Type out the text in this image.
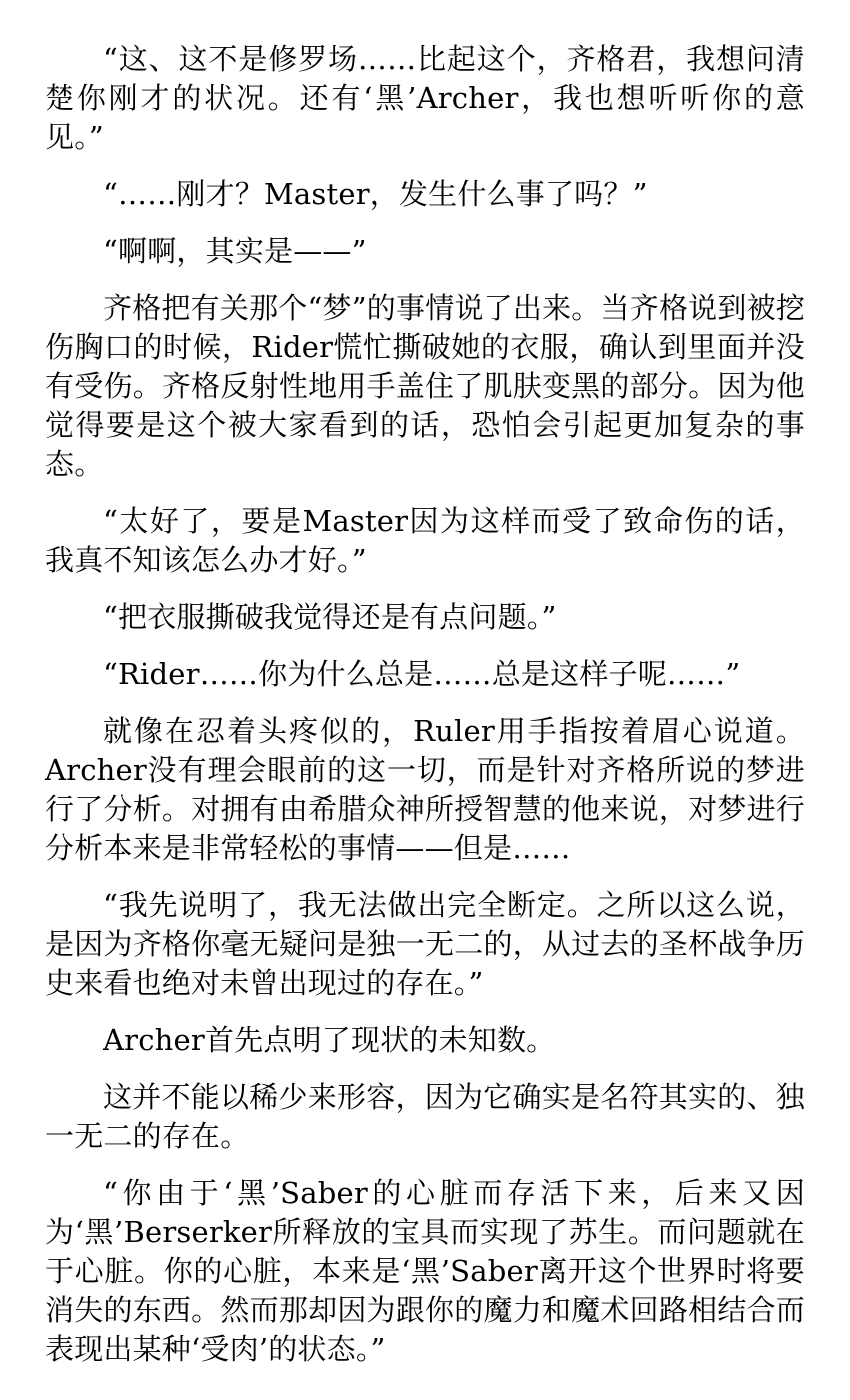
“这、这不是修罗场……比起这个，齐格君，我想问清楚你刚才的状况。还有‘黑’Archer，我也想听听你的意见。”

“……刚才？Master，发生什么事了吗？”

“啊啊，其实是——”

齐格把有关那个“梦”的事情说了出来。当齐格说到被挖伤胸口的时候，Rider慌忙撕破她的衣服，确认到里面并没有受伤。齐格反射性地用手盖住了肌肤变黑的部分。因为他觉得要是这个被大家看到的话，恐怕会引起更加复杂的事态。

“太好了，要是Master因为这样而受了致命伤的话，我真不知该怎么办才好。”

“把衣服撕破我觉得还是有点问题。”

“Rider……你为什么总是……总是这样子呢……”

就像在忍着头疼似的，Ruler用手指按着眉心说道。Archer没有理会眼前的这一切，而是针对齐格所说的梦进行了分析。对拥有由希腊众神所授智慧的他来说，对梦进行分析本来是非常轻松的事情——但是……

“我先说明了，我无法做出完全断定。之所以这么说，是因为齐格你毫无疑问是独一无二的，从过去的圣杯战争历史来看也绝对未曾出现过的存在。”

Archer首先点明了现状的未知数。

这并不能以稀少来形容，因为它确实是名符其实的、独一无二的存在。

“你由于‘黑’Saber的心脏而存活下来，后来又因为‘黑’Berserker所释放的宝具而实现了苏生。而问题就在于心脏。你的心脏，本来是‘黑’Saber离开这个世界时将要消失的东西。然而那却因为跟你的魔力和魔术回路相结合而表现出某种‘受肉’的状态。”
